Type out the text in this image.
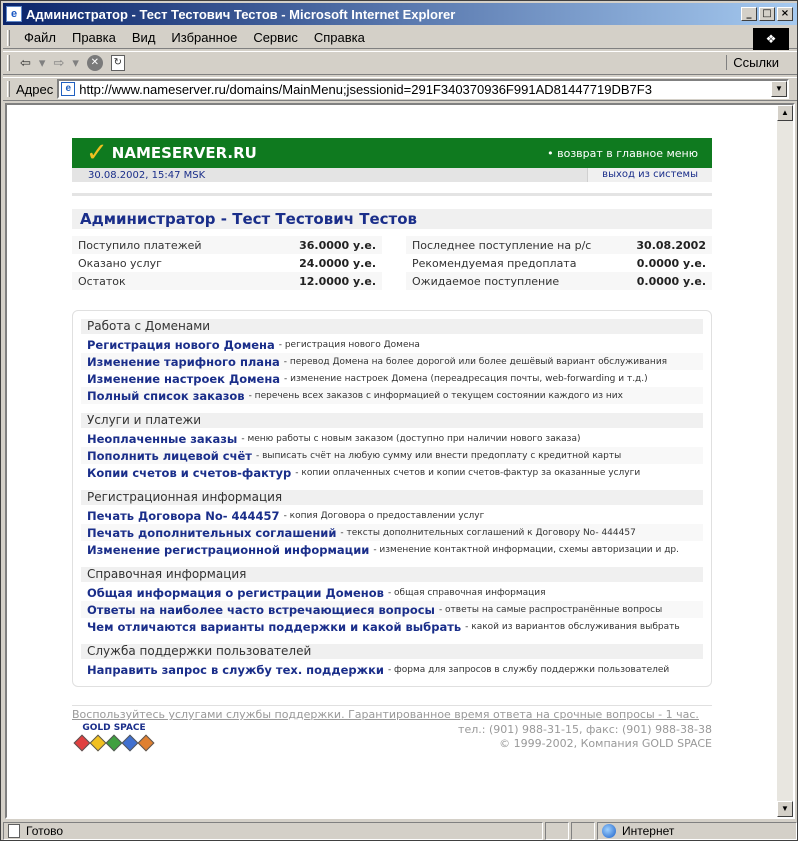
e Администратор - Тест Тестович Тестов - Microsoft Internet Explorer	_	□ ×
Файл	Правка	Вид	Избранное	Сервис	Справка	❖
⇦ ▾ ⇨ ▾	✕	↻	Ссылки
Адрес	e http://www.nameserver.ru/domains/MainMenu;jsessionid=291F340370936F991AD81447719DB7F3	▼
▲
▼
✓ NAMESERVER.RU	• возврат в главное меню
30.08.2002, 15:47 MSK	выход из системы
Администратор - Тест Тестович Тестов
Поступило платежей	36.0000 у.е.
Оказано услуг	24.0000 у.е.
Остаток	12.0000 у.е.
Последнее поступление на р/с	30.08.2002
Рекомендуемая предоплата	0.0000 у.е.
Ожидаемое поступление	0.0000 у.е.
Работа с Доменами
Регистрация нового Домена - регистрация нового Домена
Изменение тарифного плана - перевод Домена на более дорогой или более дешёвый вариант обслуживания
Изменение настроек Домена - изменение настроек Домена (переадресация почты, web-forwarding и т.д.)
Полный список заказов - перечень всех заказов с информацией о текущем состоянии каждого из них
Услуги и платежи
Неоплаченные заказы - меню работы с новым заказом (доступно при наличии нового заказа)
Пополнить лицевой счёт - выписать счёт на любую сумму или внести предоплату с кредитной карты
Копии счетов и счетов-фактур - копии оплаченных счетов и копии счетов-фактур за оказанные услуги
Регистрационная информация
Печать Договора No- 444457 - копия Договора о предоставлении услуг
Печать дополнительных соглашений - тексты дополнительных соглашений к Договору No- 444457
Изменение регистрационной информации - изменение контактной информации, схемы авторизации и др.
Справочная информация
Общая информация о регистрации Доменов - общая справочная информация
Ответы на наиболее часто встречающиеся вопросы - ответы на самые распространённые вопросы
Чем отличаются варианты поддержки и какой выбрать - какой из вариантов обслуживания выбрать
Служба поддержки пользователей
Направить запрос в службу тех. поддержки - форма для запросов в службу поддержки пользователей
Воспользуйтесь услугами службы поддержки. Гарантированное время ответа на срочные вопросы - 1 час.
GOLD SPACE	тел.: (901) 988-31-15, факс: (901) 988-38-38
© 1999-2002, Компания GOLD SPACE
Готово	Интернет
